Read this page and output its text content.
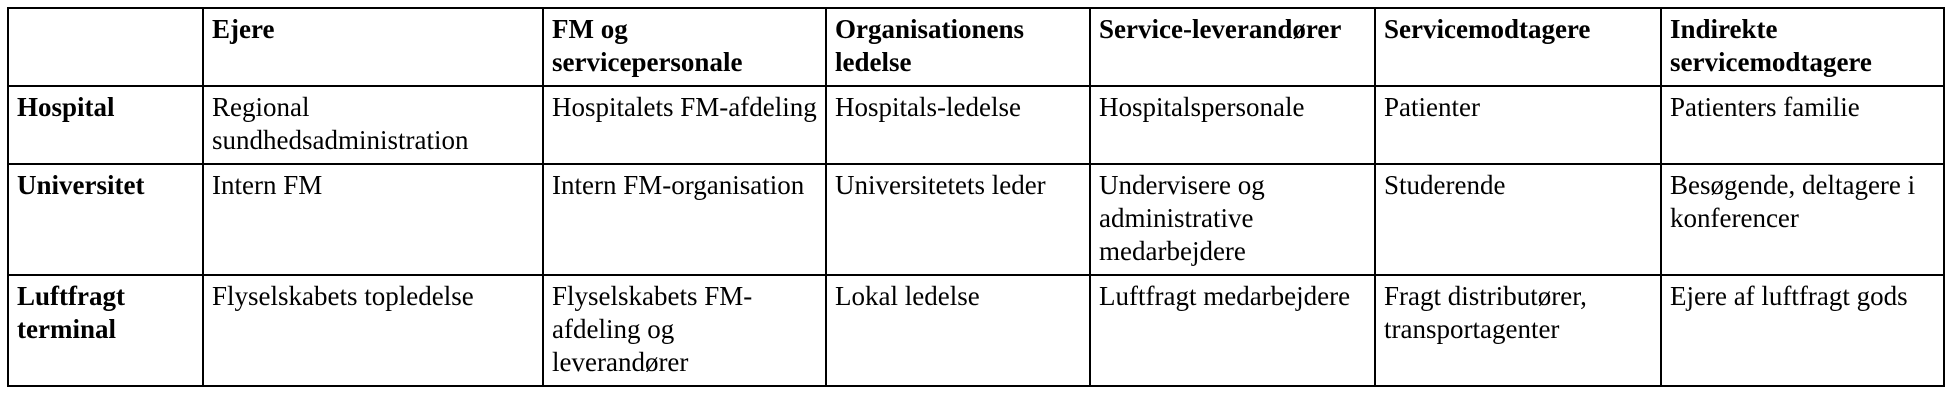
	Ejere	FM og servicepersonale	Organisationens ledelse	Service-leverandører	Servicemodtagere	Indirekte servicemodtagere
Hospital	Regional sundhedsadministration	Hospitalets FM-afdeling	Hospitals-ledelse	Hospitalspersonale	Patienter	Patienters familie
Universitet	Intern FM	Intern FM-organisation	Universitetets leder	Undervisere og administrative medarbejdere	Studerende	Besøgende, deltagere i konferencer
Luftfragt terminal	Flyselskabets topledelse	Flyselskabets FM-afdeling og leverandører	Lokal ledelse	Luftfragt medarbejdere	Fragt distributører, transportagenter	Ejere af luftfragt gods
